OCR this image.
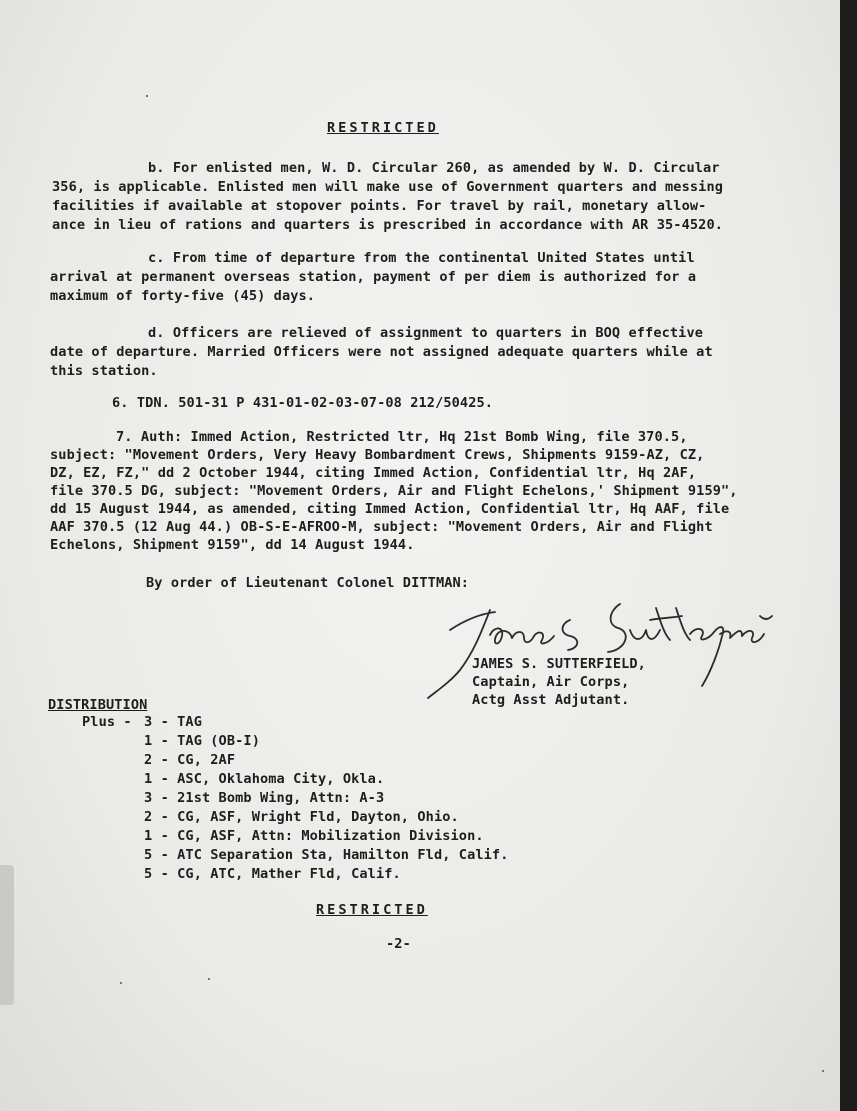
RESTRICTED
b. For enlisted men, W. D. Circular 260, as amended by W. D. Circular
356, is applicable. Enlisted men will make use of Government quarters and messing
facilities if available at stopover points. For travel by rail, monetary allow-
ance in lieu of rations and quarters is prescribed in accordance with AR 35-4520.
c. From time of departure from the continental United States until
arrival at permanent overseas station, payment of per diem is authorized for a
maximum of forty-five (45) days.
d. Officers are relieved of assignment to quarters in BOQ effective
date of departure. Married Officers were not assigned adequate quarters while at
this station.
6. TDN. 501-31 P 431-01-02-03-07-08 212/50425.
7. Auth: Immed Action, Restricted ltr, Hq 21st Bomb Wing, file 370.5,
subject: "Movement Orders, Very Heavy Bombardment Crews, Shipments 9159-AZ, CZ,
DZ, EZ, FZ," dd 2 October 1944, citing Immed Action, Confidential ltr, Hq 2AF,
file 370.5 DG, subject: "Movement Orders, Air and Flight Echelons,' Shipment 9159",
dd 15 August 1944, as amended, citing Immed Action, Confidential ltr, Hq AAF, file
AAF 370.5 (12 Aug 44.) OB-S-E-AFROO-M, subject: "Movement Orders, Air and Flight
Echelons, Shipment 9159", dd 14 August 1944.
By order of Lieutenant Colonel DITTMAN:
JAMES S. SUTTERFIELD,
Captain, Air Corps,
Actg Asst Adjutant.
DISTRIBUTION
Plus - 3 - TAG
1 - TAG (OB-I)
2 - CG, 2AF
1 - ASC, Oklahoma City, Okla.
3 - 21st Bomb Wing, Attn: A-3
2 - CG, ASF, Wright Fld, Dayton, Ohio.
1 - CG, ASF, Attn: Mobilization Division.
5 - ATC Separation Sta, Hamilton Fld, Calif.
5 - CG, ATC, Mather Fld, Calif.
RESTRICTED
-2-
